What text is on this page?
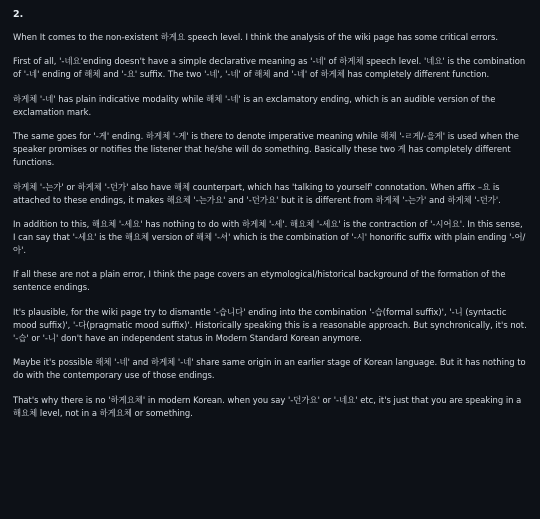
2.

When It comes to the non-existent 하게요 speech level. I think the analysis of the wiki page has some critical errors.

First of all, '-네요'ending doesn't have a simple declarative meaning as '-네' of 하게체 speech level. '네요' is the combination of '-네' ending of 해체 and '-요' suffix. The two '-네', '-네' of 해체 and '-네' of 하게체 has completely different function.

하게체 '-네' has plain indicative modality while 해체 '-네' is an exclamatory ending, which is an audible version of the exclamation mark.

The same goes for '-게' ending. 하게체 '-게' is there to denote imperative meaning while 해체 '-ㄹ게/-을게' is used when the speaker promises or notifies the listener that he/she will do something. Basically these two 게 has completely different functions.

하게체 '-는가' or 하게체 '-던가' also have 해체 counterpart, which has 'talking to yourself' connotation. When affix –요 is attached to these endings, it makes 해요체 '-는가요' and '-던가요' but it is different from 하게체 '-는가' and 하게체 '-던가'.

In addition to this, 해요체 '-세요' has nothing to do with 하게체 '-세'. 해요체 '-세요' is the contraction of '-시어요'. In this sense, I can say that '-세요' is the 해요체 version of 해체 '-셔' which is the combination of '-시' honorific suffix with plain ending '-어/아'.

If all these are not a plain error, I think the page covers an etymological/historical background of the formation of the sentence endings.

It's plausible, for the wiki page try to dismantle '-습니다' ending into the combination '-습(formal suffix)', '-니 (syntactic mood suffix)', '-다(pragmatic mood suffix)'. Historically speaking this is a reasonable approach. But synchronically, it's not. '-습' or '-니' don't have an independent status in Modern Standard Korean anymore.

Maybe it's possible 해체 '-네' and 하게체 '-네' share same origin in an earlier stage of Korean language. But it has nothing to do with the contemporary use of those endings.

That's why there is no '하게요체' in modern Korean. when you say '-던가요' or '-네요' etc, it's just that you are speaking in a 해요체 level, not in a 하게요체 or something.
